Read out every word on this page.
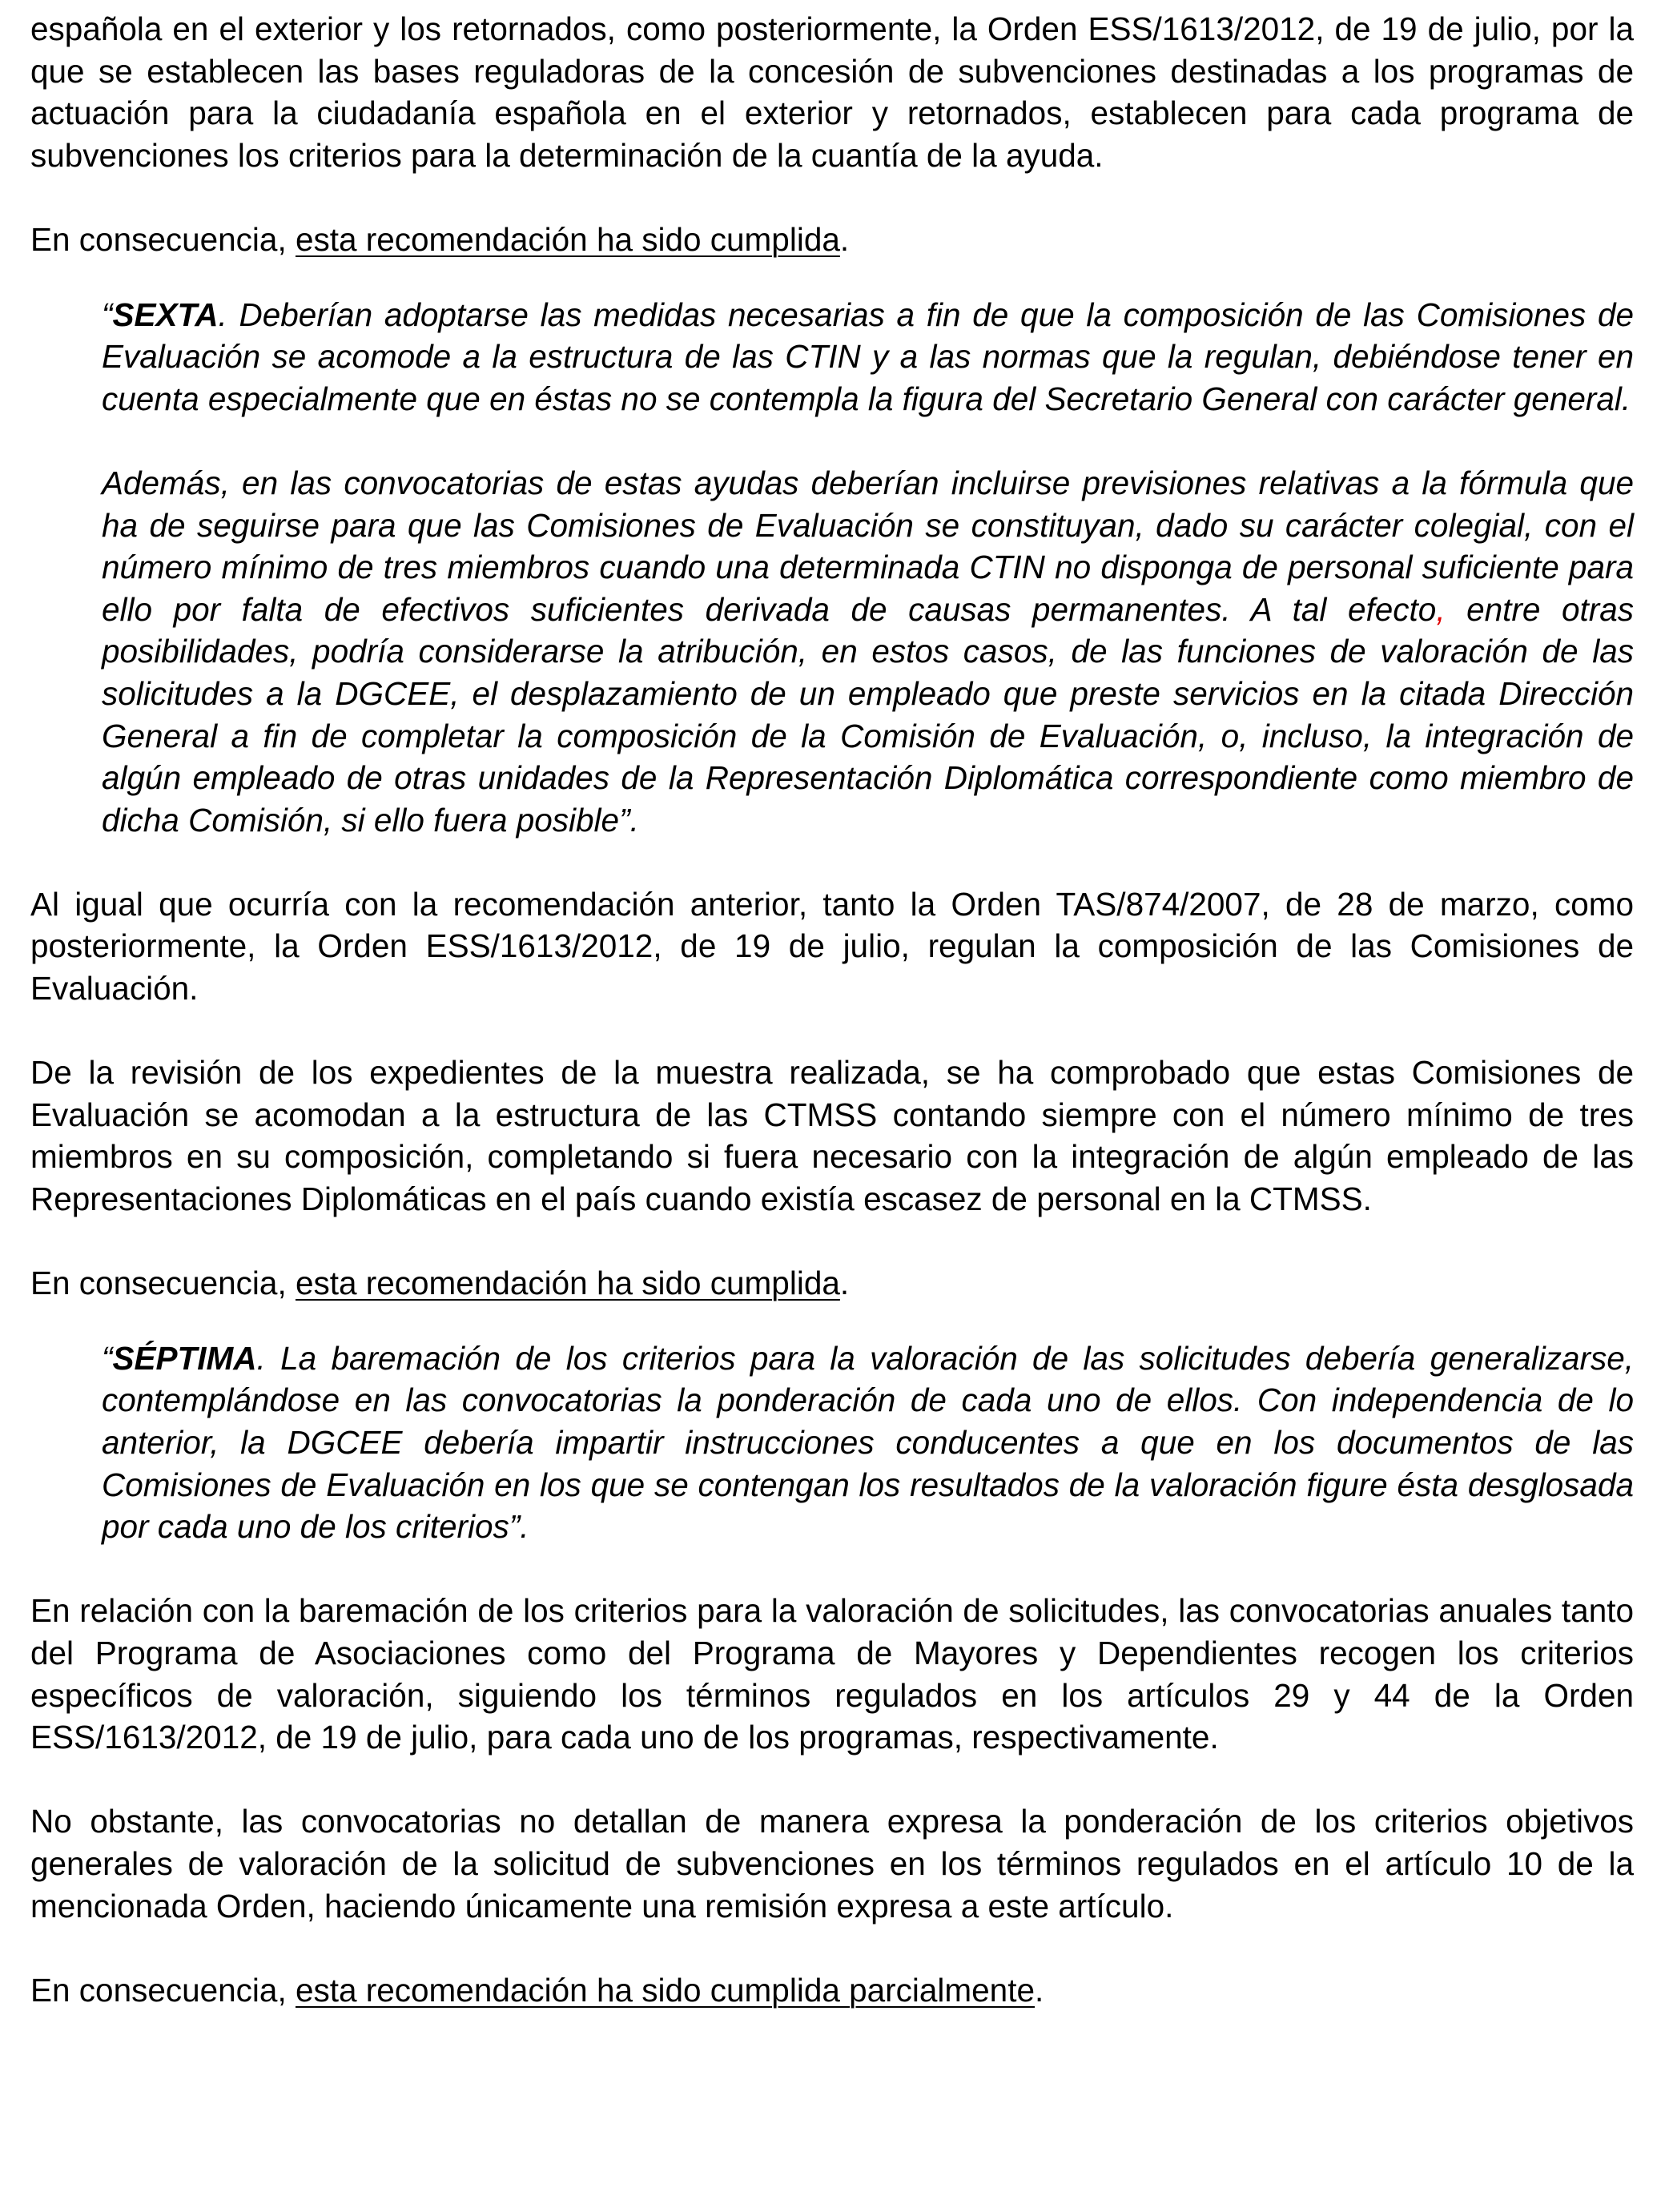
española en el exterior y los retornados, como posteriormente, la Orden ESS/1613/2012, de 19 de julio, por la que se establecen las bases reguladoras de la concesión de subvenciones destinadas a los programas de actuación para la ciudadanía española en el exterior y retornados, establecen para cada programa de subvenciones los criterios para la determinación de la cuantía de la ayuda.

En consecuencia, esta recomendación ha sido cumplida.

“SEXTA. Deberían adoptarse las medidas necesarias a fin de que la composición de las Comisiones de Evaluación se acomode a la estructura de las CTIN y a las normas que la regulan, debiéndose tener en cuenta especialmente que en éstas no se contempla la figura del Secretario General con carácter general.

Además, en las convocatorias de estas ayudas deberían incluirse previsiones relativas a la fórmula que ha de seguirse para que las Comisiones de Evaluación se constituyan, dado su carácter colegial, con el número mínimo de tres miembros cuando una determinada CTIN no disponga de personal suficiente para ello por falta de efectivos suficientes derivada de causas permanentes. A tal efecto, entre otras posibilidades, podría considerarse la atribución, en estos casos, de las funciones de valoración de las solicitudes a la DGCEE, el desplazamiento de un empleado que preste servicios en la citada Dirección General a fin de completar la composición de la Comisión de Evaluación, o, incluso, la integración de algún empleado de otras unidades de la Representación Diplomática correspondiente como miembro de dicha Comisión, si ello fuera posible”.

Al igual que ocurría con la recomendación anterior, tanto la Orden TAS/874/2007, de 28 de marzo, como posteriormente, la Orden ESS/1613/2012, de 19 de julio, regulan la composición de las Comisiones de Evaluación.

De la revisión de los expedientes de la muestra realizada, se ha comprobado que estas Comisiones de Evaluación se acomodan a la estructura de las CTMSS contando siempre con el número mínimo de tres miembros en su composición, completando si fuera necesario con la integración de algún empleado de las Representaciones Diplomáticas en el país cuando existía escasez de personal en la CTMSS.

En consecuencia, esta recomendación ha sido cumplida.

“SÉPTIMA. La baremación de los criterios para la valoración de las solicitudes debería generalizarse, contemplándose en las convocatorias la ponderación de cada uno de ellos. Con independencia de lo anterior, la DGCEE debería impartir instrucciones conducentes a que en los documentos de las Comisiones de Evaluación en los que se contengan los resultados de la valoración figure ésta desglosada por cada uno de los criterios”.

En relación con la baremación de los criterios para la valoración de solicitudes, las convocatorias anuales tanto del Programa de Asociaciones como del Programa de Mayores y Dependientes recogen los criterios específicos de valoración, siguiendo los términos regulados en los artículos 29 y 44 de la Orden ESS/1613/2012, de 19 de julio, para cada uno de los programas, respectivamente.

No obstante, las convocatorias no detallan de manera expresa la ponderación de los criterios objetivos generales de valoración de la solicitud de subvenciones en los términos regulados en el artículo 10 de la mencionada Orden, haciendo únicamente una remisión expresa a este artículo.

En consecuencia, esta recomendación ha sido cumplida parcialmente.
